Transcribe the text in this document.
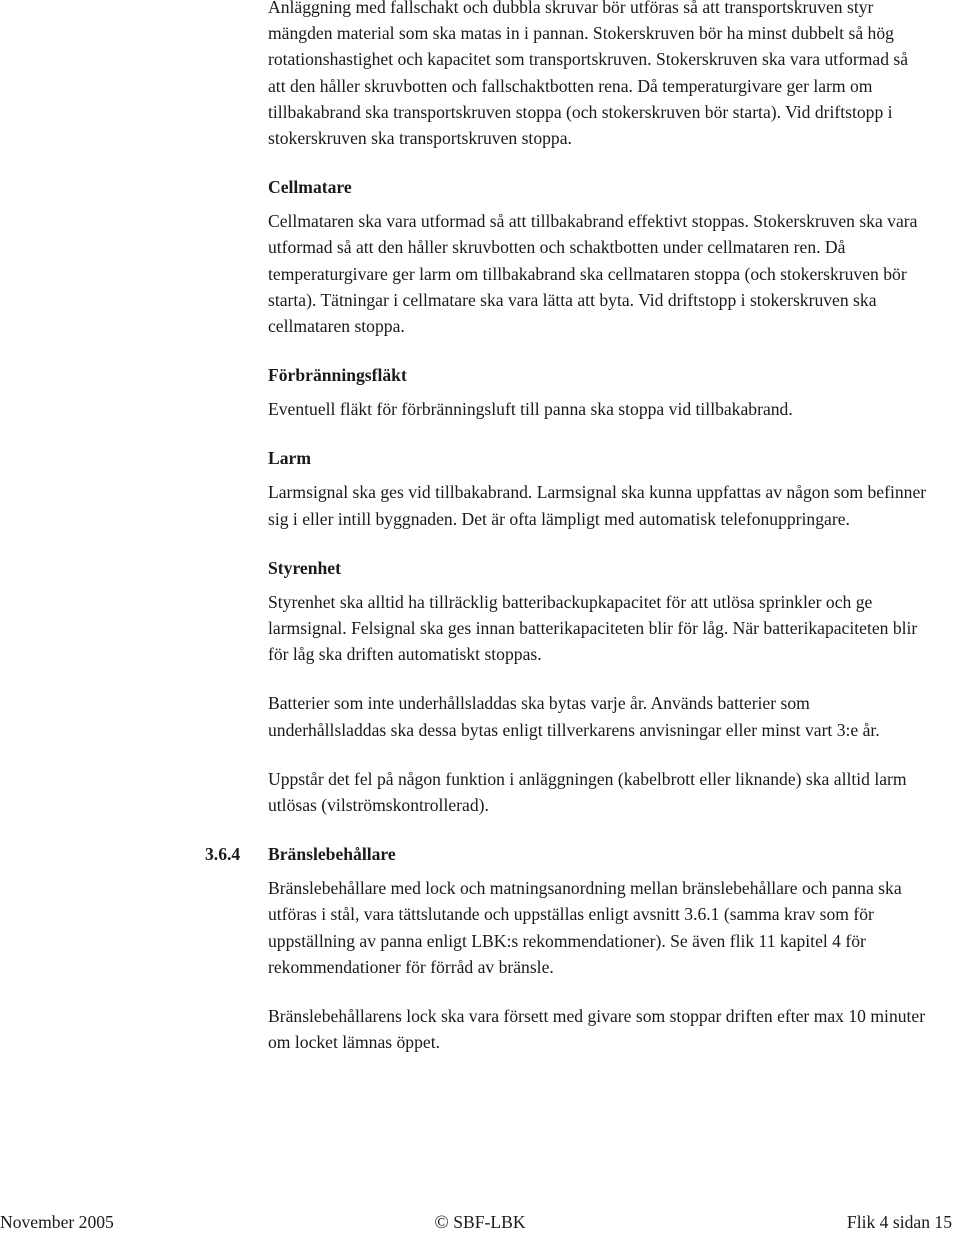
Anläggning med fallschakt och dubbla skruvar bör utföras så att transportskruven styr mängden material som ska matas in i pannan. Stokerskruven bör ha minst dubbelt så hög rotationshastighet och kapacitet som transportskruven. Stokerskruven ska vara utformad så att den håller skruvbotten och fallschaktbotten rena. Då temperaturgivare ger larm om tillbakabrand ska transportskruven stoppa (och stokerskruven bör starta). Vid driftstopp i stokerskruven ska transportskruven stoppa.

Cellmatare

Cellmataren ska vara utformad så att tillbakabrand effektivt stoppas. Stokerskruven ska vara utformad så att den håller skruvbotten och schaktbotten under cellmataren ren. Då temperaturgivare ger larm om tillbakabrand ska cellmataren stoppa (och stokerskruven bör starta). Tätningar i cellmatare ska vara lätta att byta. Vid driftstopp i stokerskruven ska cellmataren stoppa.

Förbränningsfläkt

Eventuell fläkt för förbränningsluft till panna ska stoppa vid tillbakabrand.

Larm

Larmsignal ska ges vid tillbakabrand. Larmsignal ska kunna uppfattas av någon som befinner sig i eller intill byggnaden. Det är ofta lämpligt med automatisk telefonuppringare.

Styrenhet

Styrenhet ska alltid ha tillräcklig batteribackupkapacitet för att utlösa sprinkler och ge larmsignal. Felsignal ska ges innan batterikapaciteten blir för låg. När batterikapaciteten blir för låg ska driften automatiskt stoppas.

Batterier som inte underhållsladdas ska bytas varje år. Används batterier som underhållsladdas ska dessa bytas enligt tillverkarens anvisningar eller minst vart 3:e år.

Uppstår det fel på någon funktion i anläggningen (kabelbrott eller liknande) ska alltid larm utlösas (vilströmskontrollerad).

Bränslebehållare

Bränslebehållare med lock och matningsanordning mellan bränslebehållare och panna ska utföras i stål, vara tättslutande och uppställas enligt avsnitt 3.6.1 (samma krav som för uppställning av panna enligt LBK:s rekommendationer). Se även flik 11 kapitel 4 för rekommendationer för förråd av bränsle.

Bränslebehållarens lock ska vara försett med givare som stoppar driften efter max 10 minuter om locket lämnas öppet.

3.6.4
November 2005	© SBF-LBK	Flik 4 sidan 15
